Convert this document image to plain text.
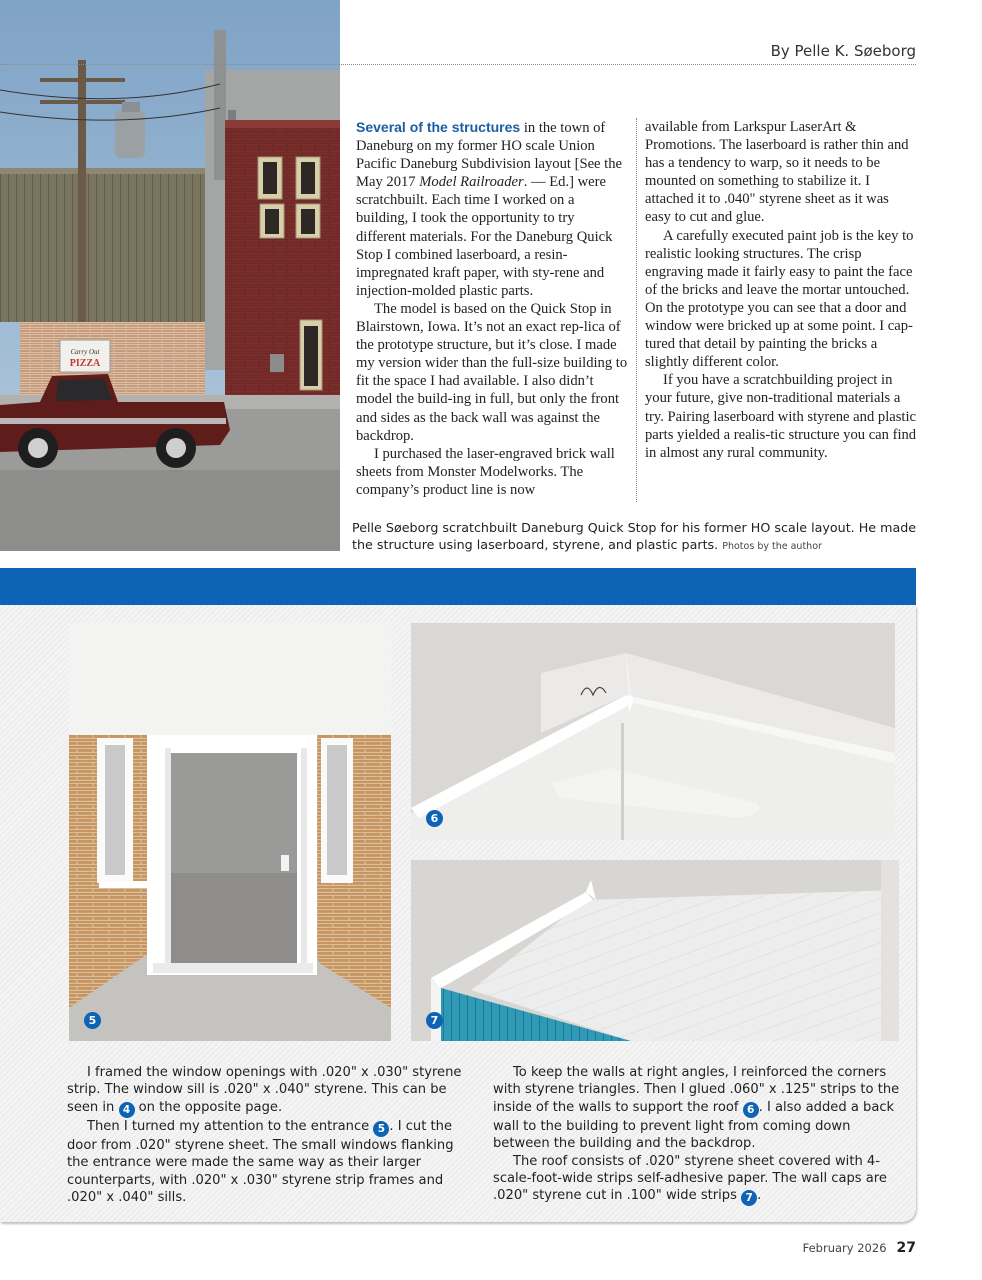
Carry Out
PIZZA
By Pelle K. Søeborg

Several of the structures in the town of Daneburg on my former HO scale Union Pacific Daneburg Subdivision layout [See the May 2017 Model Railroader. — Ed.] were scratchbuilt. Each time I worked on a building, I took the opportunity to try different materials. For the Daneburg Quick Stop I combined laserboard, a resin-impregnated kraft paper, with sty-rene and injection-molded plastic parts.

The model is based on the Quick Stop in Blairstown, Iowa. It’s not an exact rep-lica of the prototype structure, but it’s close. I made my version wider than the full-size building to fit the space I had available. I also didn’t model the build-ing in full, but only the front and sides as the back wall was against the backdrop.

I purchased the laser-engraved brick wall sheets from Monster Modelworks. The company’s product line is now

available from Larkspur LaserArt & Promotions. The laserboard is rather thin and has a tendency to warp, so it needs to be mounted on something to stabilize it. I attached it to .040" styrene sheet as it was easy to cut and glue.

A carefully executed paint job is the key to realistic looking structures. The crisp engraving made it fairly easy to paint the face of the bricks and leave the mortar untouched. On the prototype you can see that a door and window were bricked up at some point. I cap-tured that detail by painting the bricks a slightly different color.

If you have a scratchbuilding project in your future, give non-traditional materials a try. Pairing laserboard with styrene and plastic parts yielded a realis-tic structure you can find in almost any rural community.

Pelle Søeborg scratchbuilt Daneburg Quick Stop for his former HO scale layout. He made the structure using laserboard, styrene, and plastic parts. Photos by the author
5
6
7

I framed the window openings with .020" x .030" styrene strip. The window sill is .020" x .040" styrene. This can be seen in 4 on the opposite page.

Then I turned my attention to the entrance 5 . I cut the door from .020" styrene sheet. The small windows flanking the entrance were made the same way as their larger counterparts, with .020" x .030" styrene strip frames and .020" x .040" sills.

To keep the walls at right angles, I reinforced the corners with styrene triangles. Then I glued .060" x .125" strips to the inside of the walls to support the roof 6 . I also added a back wall to the building to prevent light from coming down between the building and the backdrop.

The roof consists of .020" styrene sheet covered with 4-scale-foot-wide strips self-adhesive paper. The wall caps are .020" styrene cut in .100" wide strips 7 .

February 2026 27
